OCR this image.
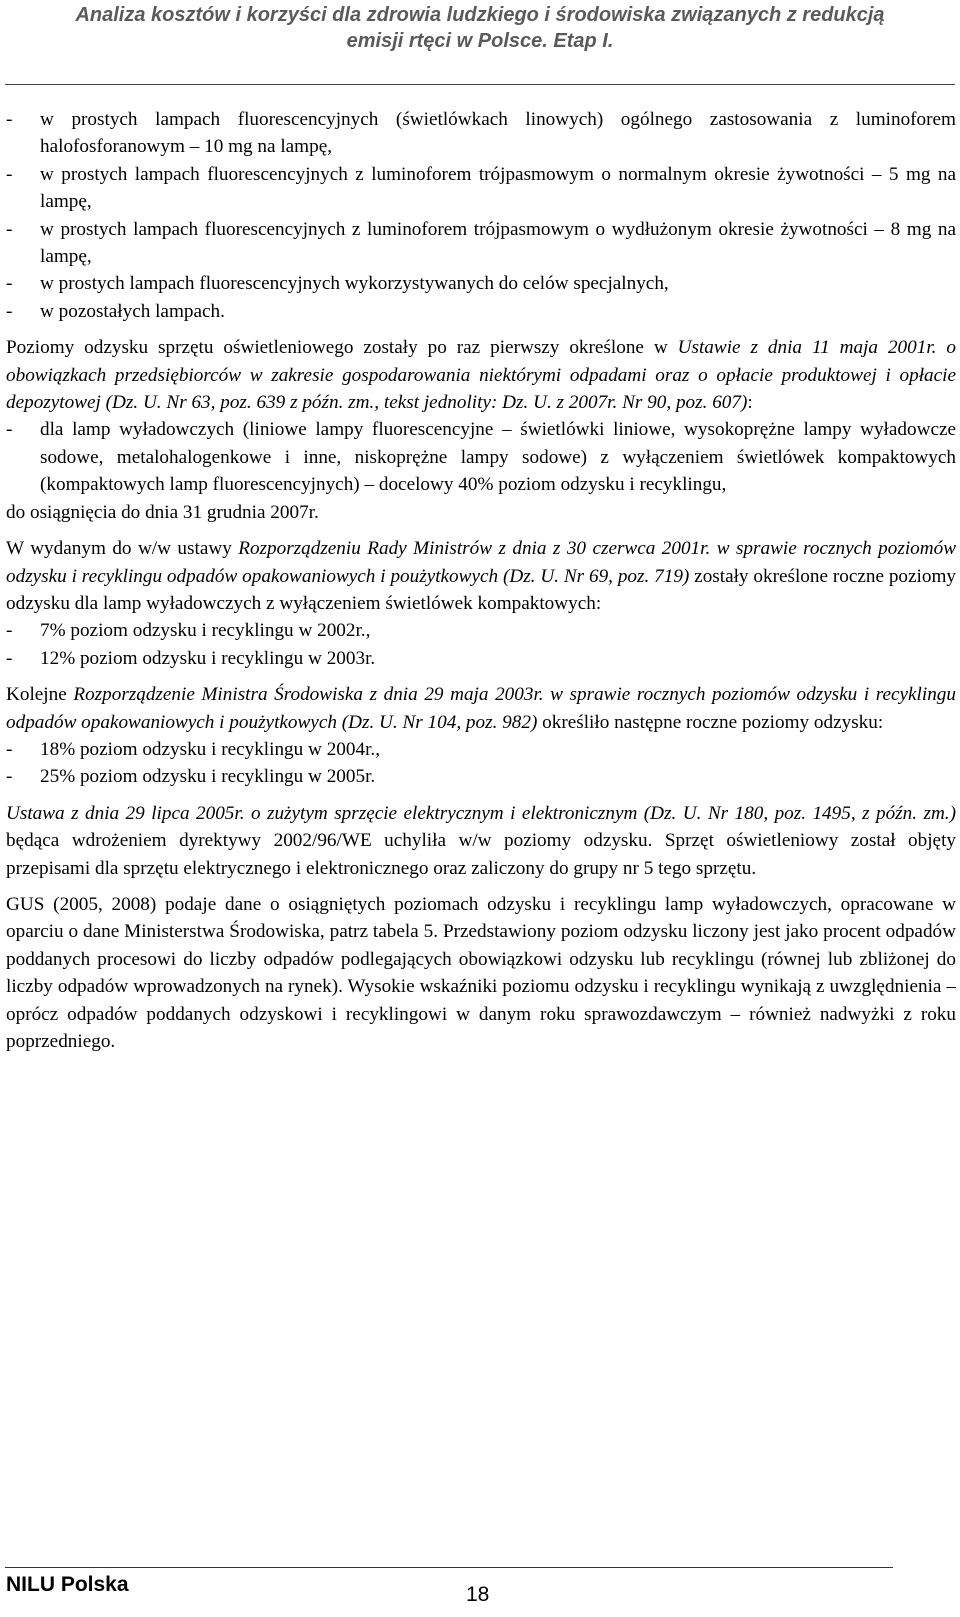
Analiza kosztów i korzyści dla zdrowia ludzkiego i środowiska związanych z redukcją
emisji rtęci w Polsce. Etap I.
- w prostych lampach fluorescencyjnych (świetlówkach linowych) ogólnego zastosowania z luminoforem halofosforanowym – 10 mg na lampę,
- w prostych lampach fluorescencyjnych z luminoforem trójpasmowym o normalnym okresie żywotności – 5 mg na lampę,
- w prostych lampach fluorescencyjnych z luminoforem trójpasmowym o wydłużonym okresie żywotności – 8 mg na lampę,
- w prostych lampach fluorescencyjnych wykorzystywanych do celów specjalnych,
- w pozostałych lampach.

Poziomy odzysku sprzętu oświetleniowego zostały po raz pierwszy określone w Ustawie z dnia 11 maja 2001r. o obowiązkach przedsiębiorców w zakresie gospodarowania niektórymi odpadami oraz o opłacie produktowej i opłacie depozytowej (Dz. U. Nr 63, poz. 639 z późn. zm., tekst jednolity: Dz. U. z 2007r. Nr 90, poz. 607):

- dla lamp wyładowczych (liniowe lampy fluorescencyjne – świetlówki liniowe, wysokoprężne lampy wyładowcze sodowe, metalohalogenkowe i inne, niskoprężne lampy sodowe) z wyłączeniem świetlówek kompaktowych (kompaktowych lamp fluorescencyjnych) – docelowy 40% poziom odzysku i recyklingu,

do osiągnięcia do dnia 31 grudnia 2007r.

W wydanym do w/w ustawy Rozporządzeniu Rady Ministrów z dnia z 30 czerwca 2001r. w sprawie rocznych poziomów odzysku i recyklingu odpadów opakowaniowych i poużytkowych (Dz. U. Nr 69, poz. 719) zostały określone roczne poziomy odzysku dla lamp wyładowczych z wyłączeniem świetlówek kompaktowych:

- 7% poziom odzysku i recyklingu w 2002r.,
- 12% poziom odzysku i recyklingu w 2003r.

Kolejne Rozporządzenie Ministra Środowiska z dnia 29 maja 2003r. w sprawie rocznych poziomów odzysku i recyklingu odpadów opakowaniowych i poużytkowych (Dz. U. Nr 104, poz. 982) określiło następne roczne poziomy odzysku:

- 18% poziom odzysku i recyklingu w 2004r.,
- 25% poziom odzysku i recyklingu w 2005r.

Ustawa z dnia 29 lipca 2005r. o zużytym sprzęcie elektrycznym i elektronicznym (Dz. U. Nr 180, poz. 1495, z późn. zm.) będąca wdrożeniem dyrektywy 2002/96/WE uchyliła w/w poziomy odzysku. Sprzęt oświetleniowy został objęty przepisami dla sprzętu elektrycznego i elektronicznego oraz zaliczony do grupy nr 5 tego sprzętu.

GUS (2005, 2008) podaje dane o osiągniętych poziomach odzysku i recyklingu lamp wyładowczych, opracowane w oparciu o dane Ministerstwa Środowiska, patrz tabela 5. Przedstawiony poziom odzysku liczony jest jako procent odpadów poddanych procesowi do liczby odpadów podlegających obowiązkowi odzysku lub recyklingu (równej lub zbliżonej do liczby odpadów wprowadzonych na rynek). Wysokie wskaźniki poziomu odzysku i recyklingu wynikają z uwzględnienia – oprócz odpadów poddanych odzyskowi i recyklingowi w danym roku sprawozdawczym – również nadwyżki z roku poprzedniego.

NILU Polska	18
